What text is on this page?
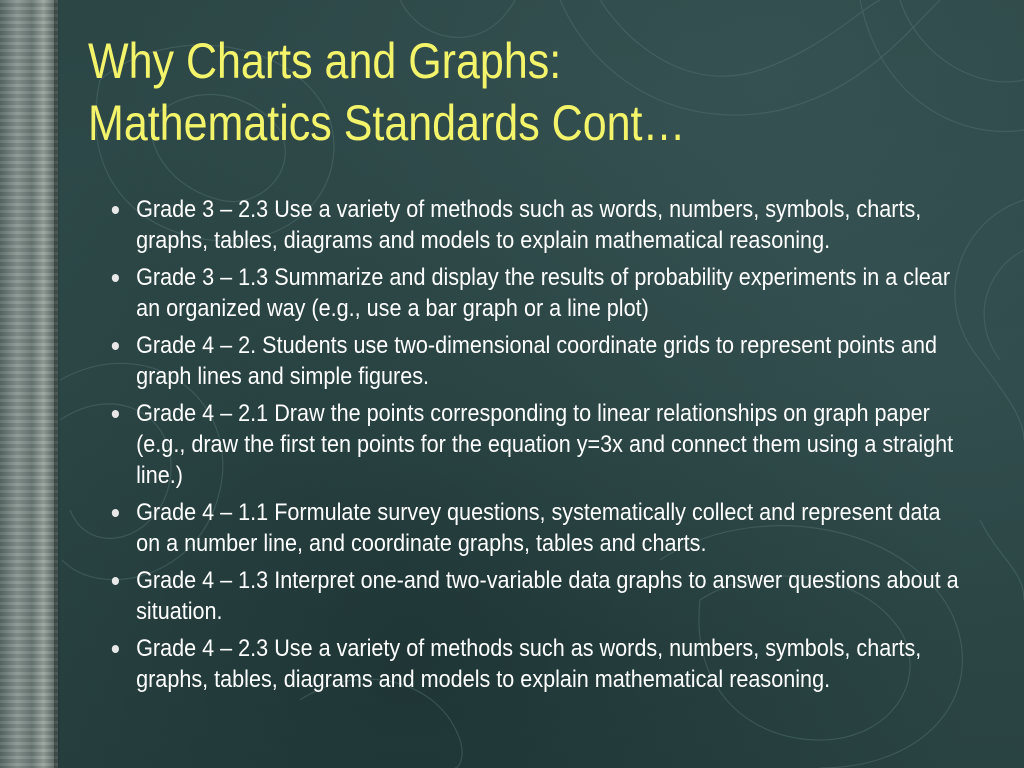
Why Charts and Graphs:
Mathematics Standards Cont…
Grade 3 – 2.3 Use a variety of methods such as words, numbers, symbols, charts, graphs, tables, diagrams and models to explain mathematical reasoning.
Grade 3 – 1.3 Summarize and display the results of probability experiments in a clear an organized way (e.g., use a bar graph or a line plot)
Grade 4 – 2. Students use two-dimensional coordinate grids to represent points and graph lines and simple figures.
Grade 4 – 2.1 Draw the points corresponding to linear relationships on graph paper (e.g., draw the first ten points for the equation y=3x and connect them using a straight line.)
Grade 4 – 1.1 Formulate survey questions, systematically collect and represent data on a number line, and coordinate graphs, tables and charts.
Grade 4 – 1.3 Interpret one-and two-variable data graphs to answer questions about a situation.
Grade 4 – 2.3 Use a variety of methods such as words, numbers, symbols, charts, graphs, tables, diagrams and models to explain mathematical reasoning.
